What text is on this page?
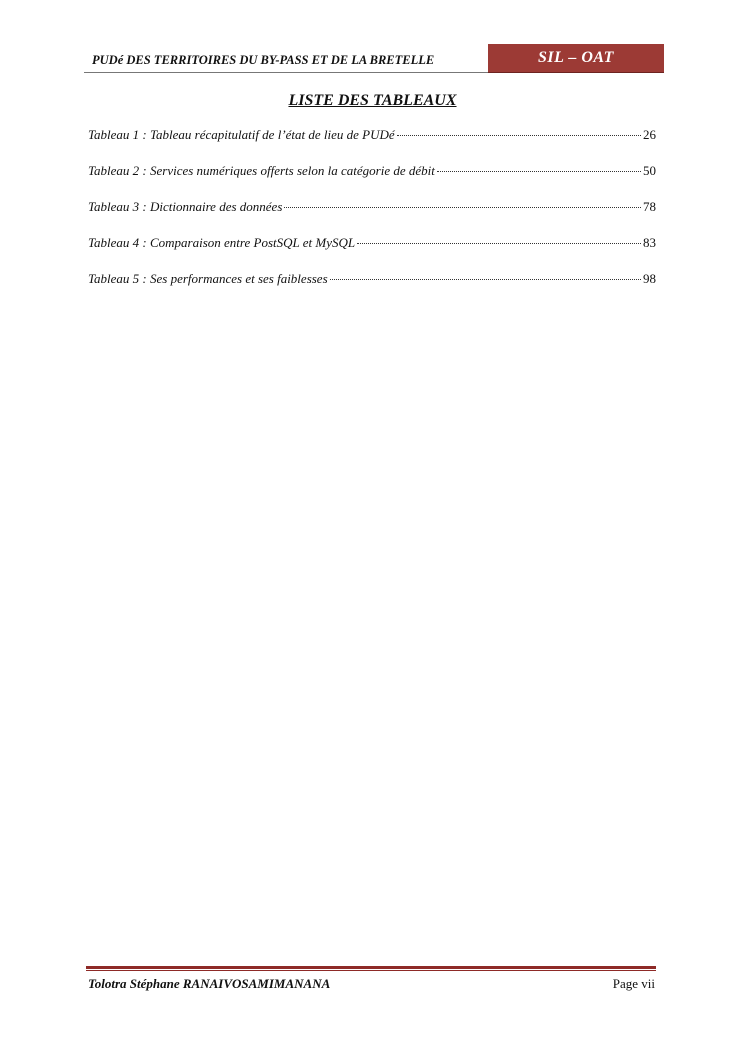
PUDé DES TERRITOIRES DU BY-PASS ET DE LA BRETELLE	SIL – OAT
LISTE DES TABLEAUX
Tableau 1 : Tableau récapitulatif de l’état de lieu de PUDé	26
Tableau 2 : Services numériques offerts selon la catégorie de débit	50
Tableau 3 : Dictionnaire des données	78
Tableau 4 : Comparaison entre PostSQL et MySQL	83
Tableau 5 : Ses performances et ses faiblesses	98
Tolotra Stéphane RANAIVOSAMIMANANA	Page vii
